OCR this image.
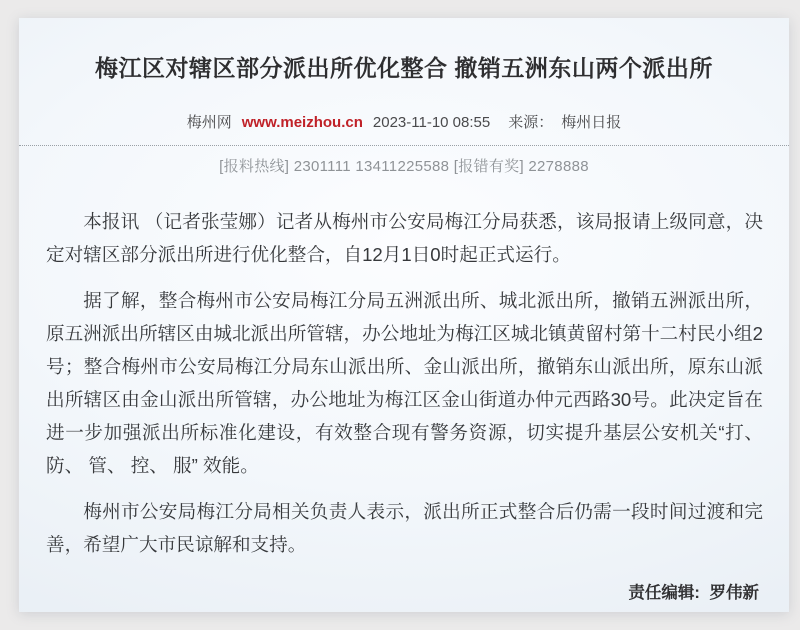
梅江区对辖区部分派出所优化整合 撤销五洲东山两个派出所
梅州网 www.meizhou.cn 2023-11-10 08:55 来源： 梅州日报
[报料热线] 2301111 13411225588 [报错有奖] 2278888

本报讯 （记者张莹娜）记者从梅州市公安局梅江分局获悉，该局报请上级同意，决定对辖区部分派出所进行优化整合，自12月1日0时起正式运行。

据了解，整合梅州市公安局梅江分局五洲派出所、城北派出所，撤销五洲派出所，原五洲派出所辖区由城北派出所管辖，办公地址为梅江区城北镇黄留村第十二村民小组2号；整合梅州市公安局梅江分局东山派出所、金山派出所，撤销东山派出所，原东山派出所辖区由金山派出所管辖，办公地址为梅江区金山街道办仲元西路30号。此决定旨在进一步加强派出所标准化建设，有效整合现有警务资源，切实提升基层公安机关“打、 防、 管、 控、 服” 效能。

梅州市公安局梅江分局相关负责人表示，派出所正式整合后仍需一段时间过渡和完善，希望广大市民谅解和支持。

责任编辑: 罗伟新
